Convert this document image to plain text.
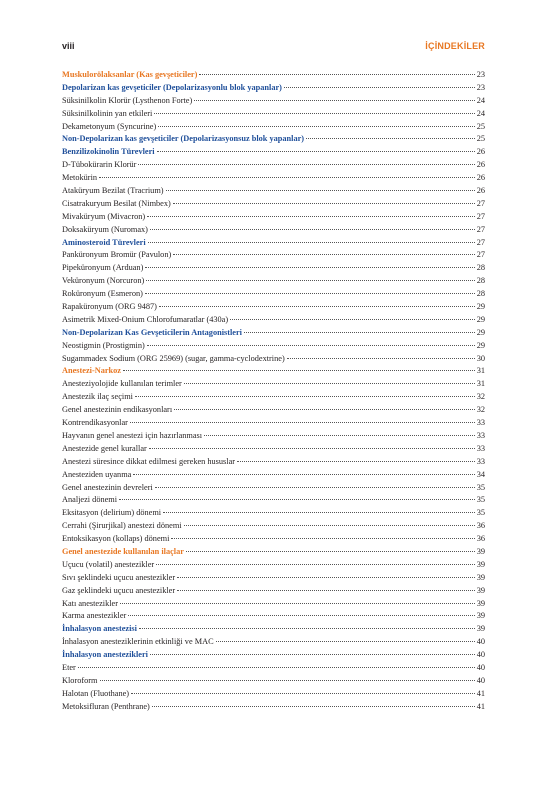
viii	İÇİNDEKİLER
Muskulorölaksanlar (Kas gevşeticiler)	23
Depolarizan kas gevşeticiler (Depolarizasyonlu blok yapanlar)	23
Süksinilkolin Klorür (Lysthenon Forte)	24
Süksinilkolinin yan etkileri	24
Dekametonyum (Syncurine)	25
Non-Depolarizan kas gevşeticiler (Depolarizasyonsuz blok yapanlar)	25
Benzilizokinolin Türevleri	26
D-Tübokürarin Klorür	26
Metokürin	26
Ataküryum Bezilat (Tracrium)	26
Cisatrakuryum Besilat (Nimbex)	27
Mivaküryum (Mivacron)	27
Doksaküryum (Nuromax)	27
Aminosteroid Türevleri	27
Panküronyum Bromür (Pavulon)	27
Pipeküronyum (Arduan)	28
Veküronyum (Norcuron)	28
Roküronyum (Esmeron)	28
Rapaküronyum (ORG 9487)	29
Asimetrik Mixed-Onium Chlorofumaratlar (430a)	29
Non-Depolarizan Kas Gevşeticilerin Antagonistleri	29
Neostigmin (Prostigmin)	29
Sugammadex Sodium (ORG 25969) (sugar, gamma-cyclodextrine)	30
Anestezi-Narkoz	31
Anesteziyolojide kullanılan terimler	31
Anestezik ilaç seçimi	32
Genel anestezinin endikasyonları	32
Kontrendikasyonlar	33
Hayvanın genel anestezi için hazırlanması	33
Anestezide genel kurallar	33
Anestezi süresince dikkat edilmesi gereken hususlar	33
Anesteziden uyanma	34
Genel anestezinin devreleri	35
Analjezi dönemi	35
Eksitasyon (delirium) dönemi	35
Cerrahi (Şirurjikal) anestezi dönemi	36
Entoksikasyon (kollaps) dönemi	36
Genel anestezide kullanılan ilaçlar	39
Uçucu (volatil) anestezikler	39
Sıvı şeklindeki uçucu anestezikler	39
Gaz şeklindeki uçucu anestezikler	39
Katı anestezikler	39
Karma anestezikler	39
İnhalasyon anestezisi	39
İnhalasyon anesteziklerinin etkinliği ve MAC	40
İnhalasyon anestezikleri	40
Eter	40
Kloroform	40
Halotan (Fluothane)	41
Metoksifluran (Penthrane)	41
